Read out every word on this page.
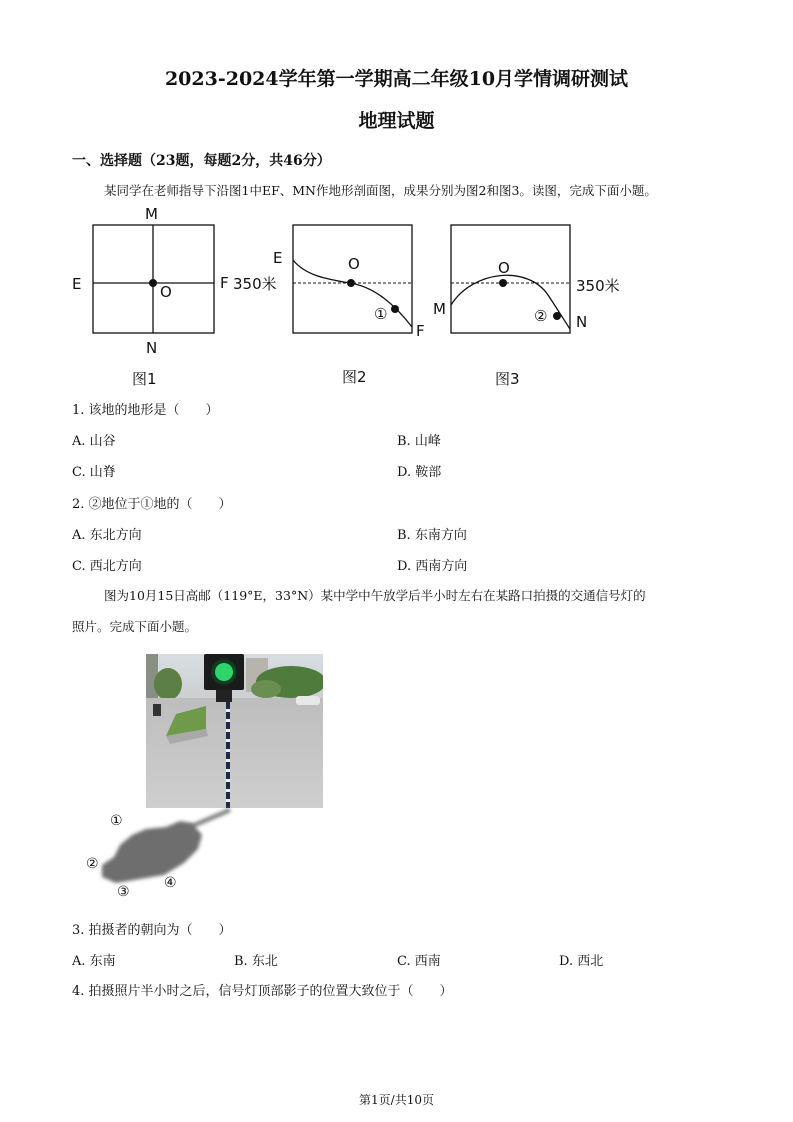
2023-2024学年第一学期高二年级10月学情调研测试
地理试题
一、选择题（23题，每题2分，共46分）
某同学在老师指导下沿图1中EF、MN作地形剖面图，成果分别为图2和图3。读图，完成下面小题。
M
N
E	F
O
图1
350米
E	O
①
F
图2
M
O
② N
350米
图3
1. 该地的地形是（　　）
A. 山谷	B. 山峰
C. 山脊	D. 鞍部
2. ②地位于①地的（　　）
A. 东北方向	B. 东南方向
C. 西北方向	D. 西南方向
图为10月15日高邮（119°E，33°N）某中学中午放学后半小时左右在某路口拍摄的交通信号灯的
照片。完成下面小题。
①
②
③
④
3. 拍摄者的朝向为（　　）
A. 东南	B. 东北	C. 西南	D. 西北
4. 拍摄照片半小时之后，信号灯顶部影子的位置大致位于（　　）
第1页/共10页
